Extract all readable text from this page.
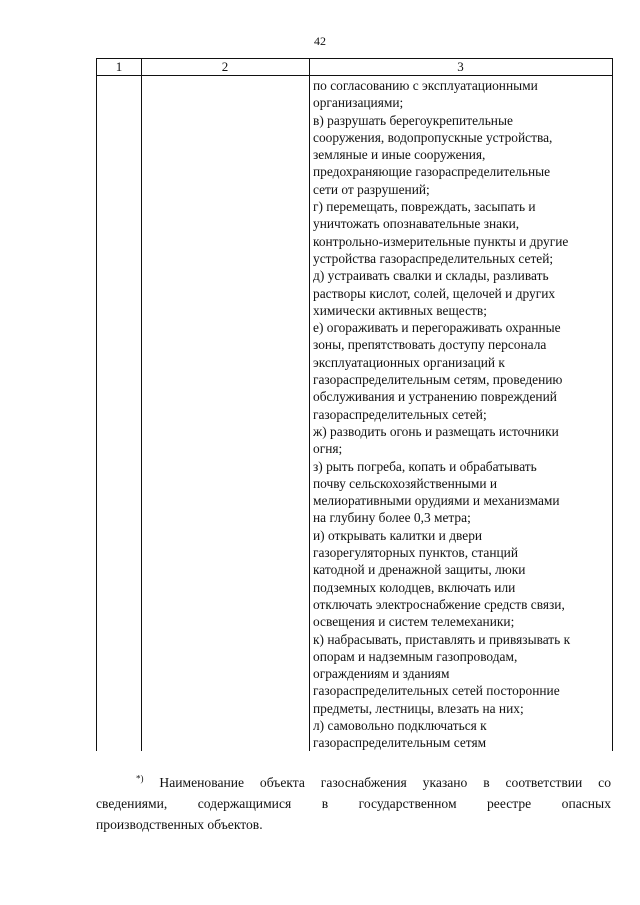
42
1	2	3
по согласованию с эксплуатационными
организациями;
в) разрушать берегоукрепительные
сооружения, водопропускные устройства,
земляные и иные сооружения,
предохраняющие газораспределительные
сети от разрушений;
г) перемещать, повреждать, засыпать и
уничтожать опознавательные знаки,
контрольно-измерительные пункты и другие
устройства газораспределительных сетей;
д) устраивать свалки и склады, разливать
растворы кислот, солей, щелочей и других
химически активных веществ;
е) огораживать и перегораживать охранные
зоны, препятствовать доступу персонала
эксплуатационных организаций к
газораспределительным сетям, проведению
обслуживания и устранению повреждений
газораспределительных сетей;
ж) разводить огонь и размещать источники
огня;
з) рыть погреба, копать и обрабатывать
почву сельскохозяйственными и
мелиоративными орудиями и механизмами
на глубину более 0,3 метра;
и) открывать калитки и двери
газорегуляторных пунктов, станций
катодной и дренажной защиты, люки
подземных колодцев, включать или
отключать электроснабжение средств связи,
освещения и систем телемеханики;
к) набрасывать, приставлять и привязывать к
опорам и надземным газопроводам,
ограждениям и зданиям
газораспределительных сетей посторонние
предметы, лестницы, влезать на них;
л) самовольно подключаться к
газораспределительным сетям
*) Наименование объекта газоснабжения указано в соответствии со
сведениями, содержащимися в государственном реестре опасных
производственных объектов.
